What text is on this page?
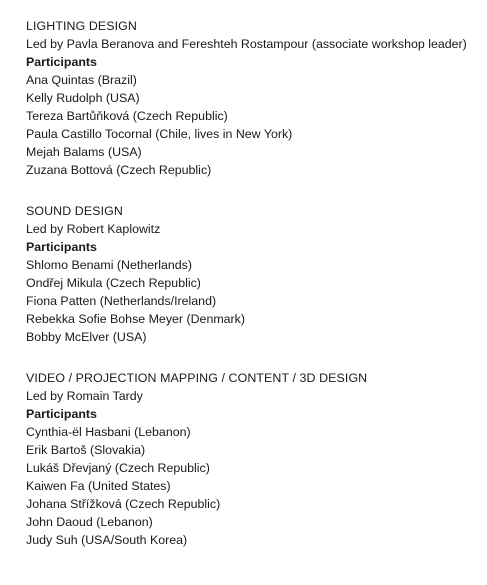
LIGHTING DESIGN
Led by Pavla Beranova and Fereshteh Rostampour (associate workshop leader)
Participants
Ana Quintas (Brazil)
Kelly Rudolph (USA)
Tereza Bartůňková (Czech Republic)
Paula Castillo Tocornal (Chile, lives in New York)
Mejah Balams (USA)
Zuzana Bottová (Czech Republic)
SOUND DESIGN
Led by Robert Kaplowitz
Participants
Shlomo Benami (Netherlands)
Ondřej Mikula (Czech Republic)
Fiona Patten (Netherlands/Ireland)
Rebekka Sofie Bohse Meyer (Denmark)
Bobby McElver (USA)
VIDEO / PROJECTION MAPPING / CONTENT / 3D DESIGN
Led by Romain Tardy
Participants
Cynthia-ël Hasbani (Lebanon)
Erik Bartoš (Slovakia)
Lukáš Dřevjaný (Czech Republic)
Kaiwen Fa (United States)
Johana Střížková (Czech Republic)
John Daoud (Lebanon)
Judy Suh (USA/South Korea)
